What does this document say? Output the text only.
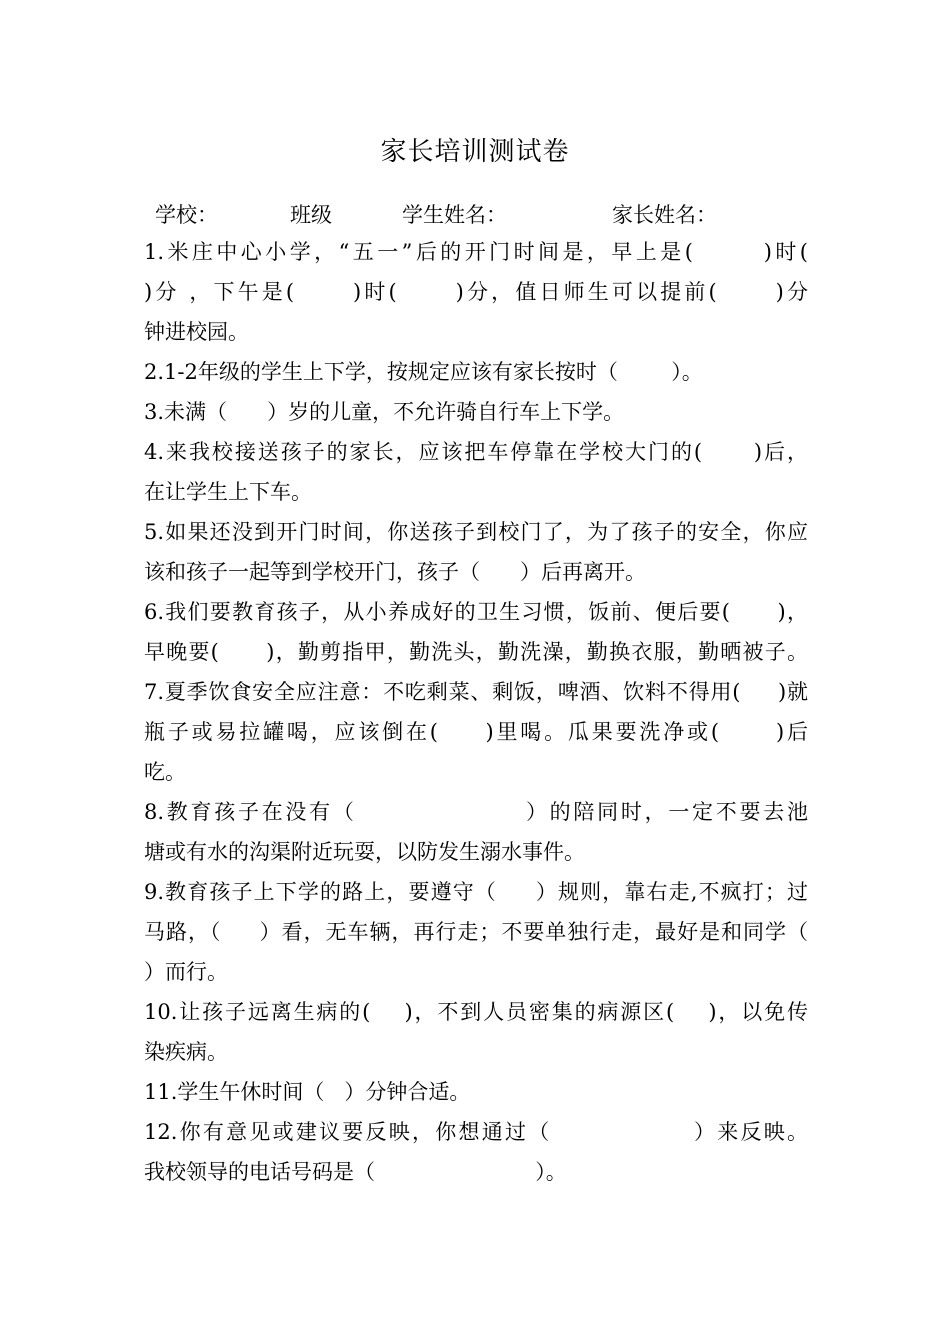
家长培训测试卷
学校：	班级	学生姓名：	家长姓名：
1.米庄中心小学，“五一”后的开门时间是，早上是(       )时(
)分 ，下午是(      )时(      )分，值日师生可以提前(      )分
钟进校园。
2.1-2年级的学生上下学，按规定应该有家长按时（        ）。
3.未满（      ）岁的儿童，不允许骑自行车上下学。
4.来我校接送孩子的家长，应该把车停靠在学校大门的(      )后，
在让学生上下车。
5.如果还没到开门时间，你送孩子到校门了，为了孩子的安全，你应
该和孩子一起等到学校开门，孩子（      ）后再离开。
6.我们要教育孩子，从小养成好的卫生习惯，饭前、便后要(      )，
早晚要(      )，勤剪指甲，勤洗头，勤洗澡，勤换衣服，勤晒被子。
7.夏季饮食安全应注意：不吃剩菜、剩饭，啤酒、饮料不得用(     )就
瓶子或易拉罐喝，应该倒在(     )里喝。瓜果要洗净或(      )后
吃。
8.教育孩子在没有（                  ）的陪同时，一定不要去池
塘或有水的沟渠附近玩耍，以防发生溺水事件。
9.教育孩子上下学的路上，要遵守（     ）规则，靠右走,不疯打；过
马路，（     ）看，无车辆，再行走；不要单独行走，最好是和同学（
）而行。
10.让孩子远离生病的(    )，不到人员密集的病源区(    )，以免传
染疾病。
11.学生午休时间（   ）分钟合适。
12.你有意见或建议要反映，你想通过（                ）来反映。
我校领导的电话号码是（                        ）。
